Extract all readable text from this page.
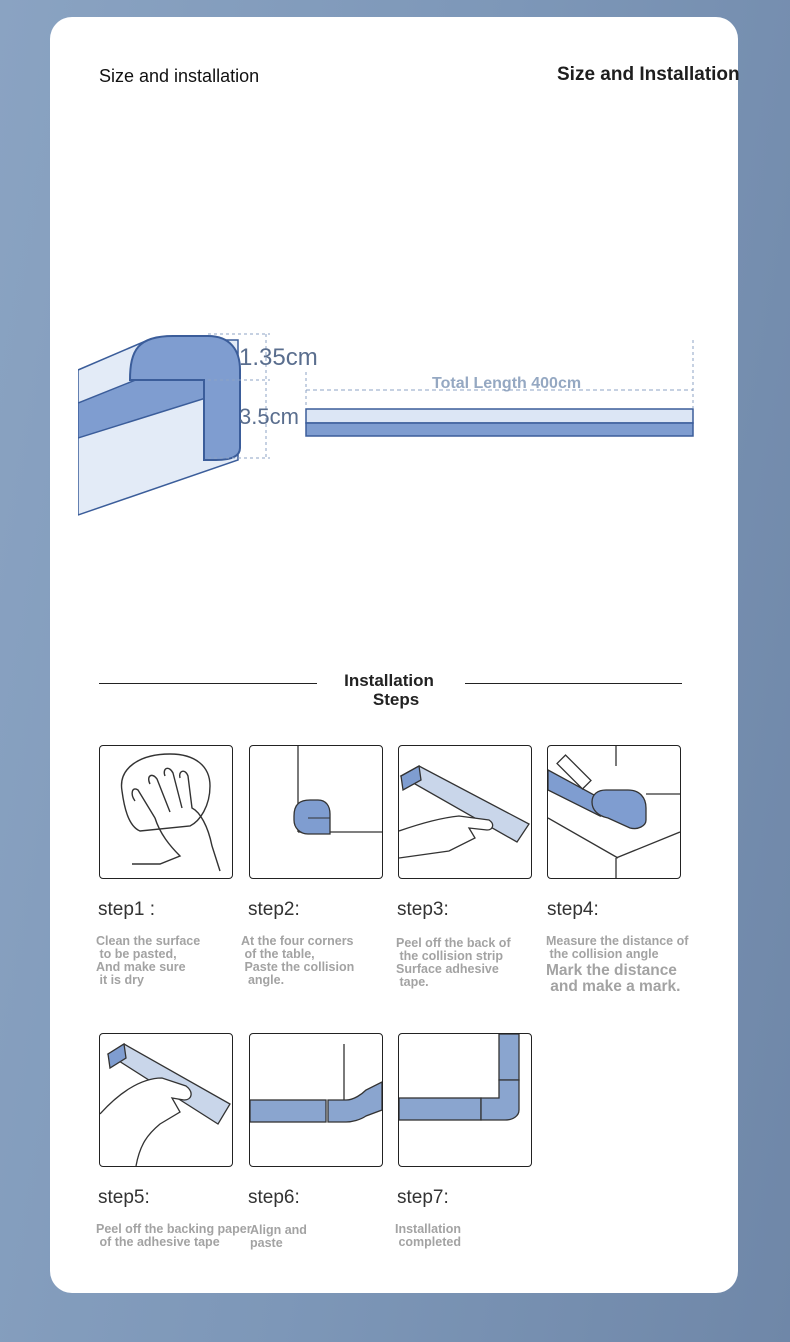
Size and installation	Size and Installation
1.35cm
3.5cm
Total Length 400cm
Installation
Steps
step1 :	step2:	step3:	step4:
Clean the surface
to be pasted,
And make sure
it is dry
At the four corners
of the table,
Paste the collision
angle.
Peel off the back of
the collision strip
Surface adhesive
tape.
Measure the distance of
the collision angle
Mark the distance
and make a mark.
step5:	step6:	step7:
Peel off the backing paper
of the adhesive tape
Align and
paste
Installation
completed
